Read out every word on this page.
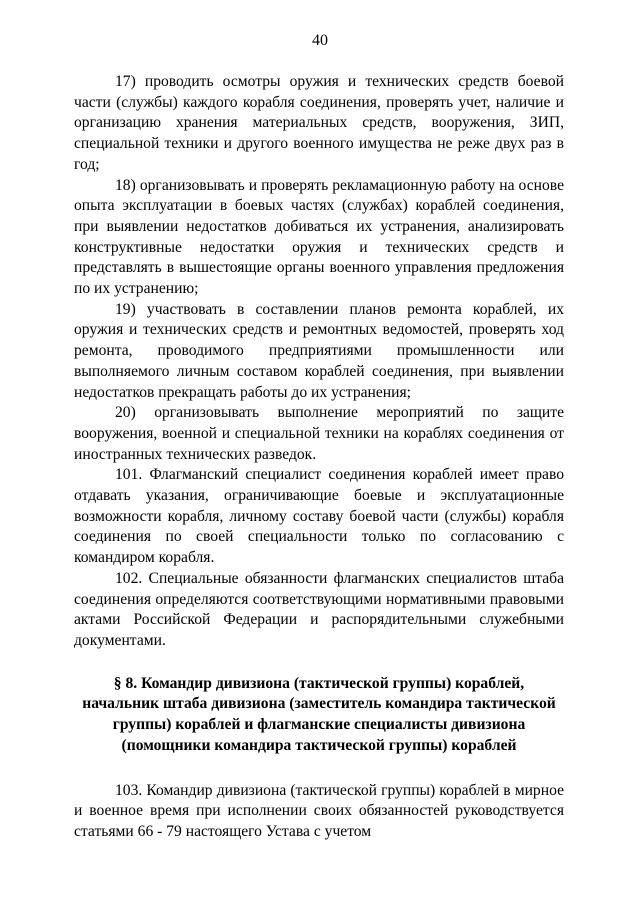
40

17) проводить осмотры оружия и технических средств боевой части (службы) каждого корабля соединения, проверять учет, наличие и организацию хранения материальных средств, вооружения, ЗИП, специальной техники и другого военного имущества не реже двух раз в год;

18) организовывать и проверять рекламационную работу на основе опыта эксплуатации в боевых частях (службах) кораблей соединения, при выявлении недостатков добиваться их устранения, анализировать конструктивные недостатки оружия и технических средств и представлять в вышестоящие органы военного управления предложения по их устранению;

19) участвовать в составлении планов ремонта кораблей, их оружия и технических средств и ремонтных ведомостей, проверять ход ремонта, проводимого предприятиями промышленности или выполняемого личным составом кораблей соединения, при выявлении недостатков прекращать работы до их устранения;

20) организовывать выполнение мероприятий по защите вооружения, военной и специальной техники на кораблях соединения от иностранных технических разведок.

101. Флагманский специалист соединения кораблей имеет право отдавать указания, ограничивающие боевые и эксплуатационные возможности корабля, личному составу боевой части (службы) корабля соединения по своей специальности только по согласованию с командиром корабля.

102. Специальные обязанности флагманских специалистов штаба соединения определяются соответствующими нормативными правовыми актами Российской Федерации и распорядительными служебными документами.

§ 8. Командир дивизиона (тактической группы) кораблей, начальник штаба дивизиона (заместитель командира тактической группы) кораблей и флагманские специалисты дивизиона (помощники командира тактической группы) кораблей

103. Командир дивизиона (тактической группы) кораблей в мирное и военное время при исполнении своих обязанностей руководствуется статьями 66 - 79 настоящего Устава с учетом
